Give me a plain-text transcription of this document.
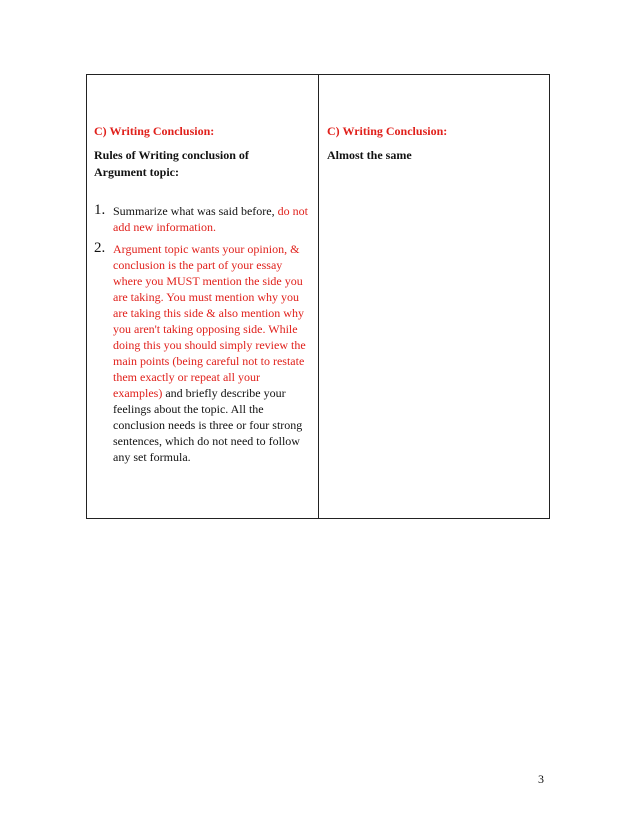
C) Writing Conclusion:

Rules of Writing conclusion of Argument topic:

1. Summarize what was said before, do not add new information.
2. Argument topic wants your opinion, & conclusion is the part of your essay where you MUST mention the side you are taking. You must mention why you are taking this side & also mention why you aren't taking opposing side. While doing this you should simply review the main points (being careful not to restate them exactly or repeat all your examples) and briefly describe your feelings about the topic. All the conclusion needs is three or four strong sentences, which do not need to follow any set formula.

C) Writing Conclusion:

Almost the same

3
